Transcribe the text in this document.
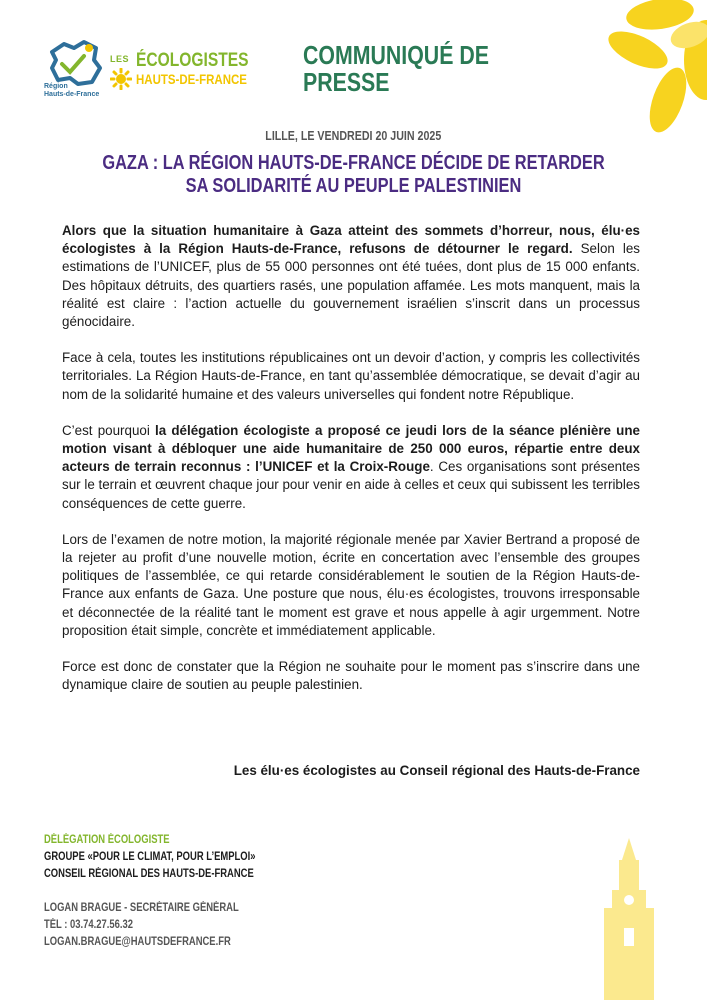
Région
Hauts-de-France
LES ÉCOLOGISTES
HAUTS-DE-FRANCE
COMMUNIQUÉ DE
PRESSE
LILLE, LE VENDREDI 20 JUIN 2025
GAZA : LA RÉGION HAUTS-DE-FRANCE DÉCIDE DE RETARDER
SA SOLIDARITÉ AU PEUPLE PALESTINIEN

Alors que la situation humanitaire à Gaza atteint des sommets d’horreur, nous, élu·es écologistes à la Région Hauts-de-France, refusons de détourner le regard. Selon les estimations de l’UNICEF, plus de 55 000 personnes ont été tuées, dont plus de 15 000 enfants. Des hôpitaux détruits, des quartiers rasés, une population affamée. Les mots manquent, mais la réalité est claire : l’action actuelle du gouvernement israélien s’inscrit dans un processus génocidaire.

Face à cela, toutes les institutions républicaines ont un devoir d’action, y compris les collectivités territoriales. La Région Hauts-de-France, en tant qu’assemblée démocratique, se devait d’agir au nom de la solidarité humaine et des valeurs universelles qui fondent notre République.

C’est pourquoi la délégation écologiste a proposé ce jeudi lors de la séance plénière une motion visant à débloquer une aide humanitaire de 250 000 euros, répartie entre deux acteurs de terrain reconnus : l’UNICEF et la Croix-Rouge. Ces organisations sont présentes sur le terrain et œuvrent chaque jour pour venir en aide à celles et ceux qui subissent les terribles conséquences de cette guerre.

Lors de l’examen de notre motion, la majorité régionale menée par Xavier Bertrand a proposé de la rejeter au profit d’une nouvelle motion, écrite en concertation avec l’ensemble des groupes politiques de l’assemblée, ce qui retarde considérablement le soutien de la Région Hauts-de-France aux enfants de Gaza. Une posture que nous, élu·es écologistes, trouvons irresponsable et déconnectée de la réalité tant le moment est grave et nous appelle à agir urgemment. Notre proposition était simple, concrète et immédiatement applicable.

Force est donc de constater que la Région ne souhaite pour le moment pas s’inscrire dans une dynamique claire de soutien au peuple palestinien.

Les élu·es écologistes au Conseil régional des Hauts-de-France
DÉLÉGATION ÉCOLOGISTE
GROUPE «POUR LE CLIMAT, POUR L’EMPLOI»
CONSEIL RÉGIONAL DES HAUTS-DE-FRANCE
LOGAN BRAGUE - SECRÉTAIRE GÉNÉRAL
TÉL : 03.74.27.56.32
LOGAN.BRAGUE@HAUTSDEFRANCE.FR
